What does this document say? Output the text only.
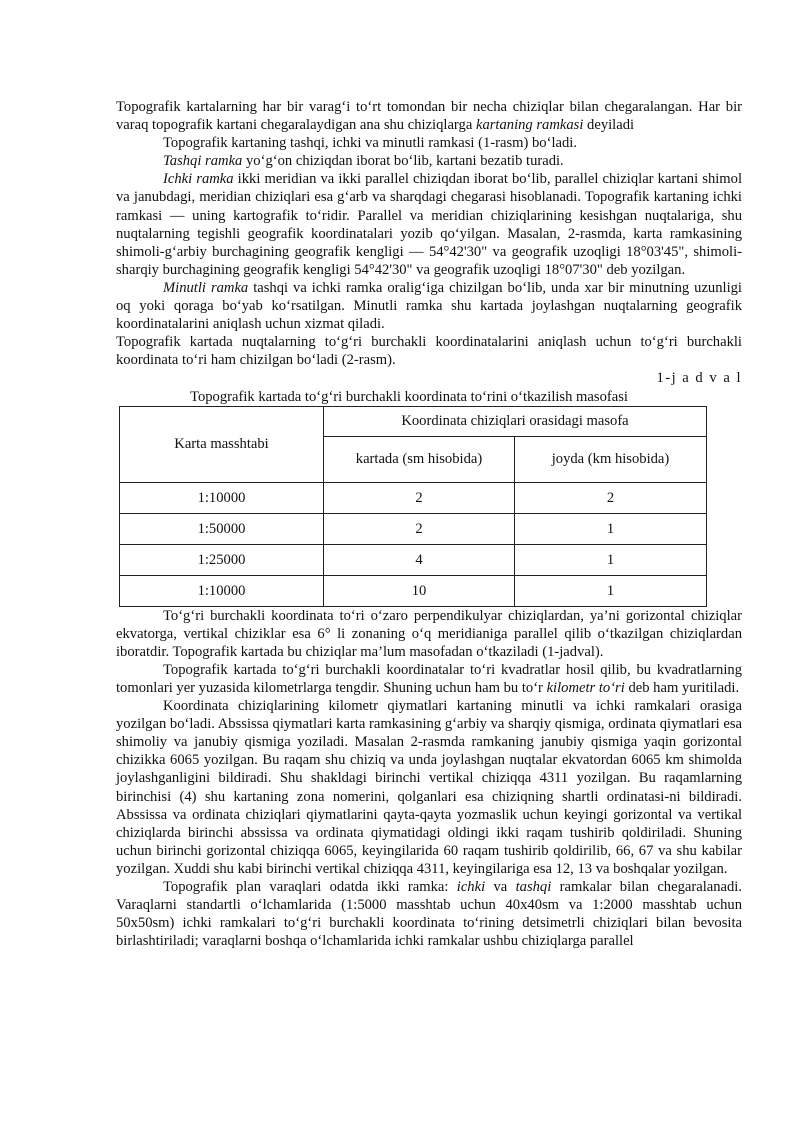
Topografik kartalarning har bir varag‘i to‘rt tomondan bir necha chiziqlar bilan chegaralangan. Har bir varaq topografik kartani chegaralaydigan ana shu chiziqlarga kartaning ramkasi deyiladi

Topografik kartaning tashqi, ichki va minutli ramkasi (1-rasm) bo‘ladi.

Tashqi ramka yo‘g‘on chiziqdan iborat bo‘lib, kartani bezatib turadi.

Ichki ramka ikki meridian va ikki parallel chiziqdan iborat bo‘lib, parallel chiziqlar kartani shimol va janubdagi, meridian chiziqlari esa g‘arb va sharqdagi chegarasi hisoblanadi. Topografik kartaning ichki ramkasi — uning kartografik to‘ridir. Parallel va meridian chiziqlarining kesishgan nuqtalariga, shu nuqtalarning tegishli geografik koordinatalari yozib qo‘yilgan. Masalan, 2-rasmda, karta ramkasining shimoli-g‘arbiy burchagining geografik kengligi — 54°42'30" va geografik uzoqligi 18°03'45", shimoli-sharqiy burchagining geografik kengligi 54°42'30" va geografik uzoqligi 18°07'30" deb yozilgan.

Minutli ramka tashqi va ichki ramka oralig‘iga chizilgan bo‘lib, unda xar bir minutning uzunligi oq yoki qoraga bo‘yab ko‘rsatilgan. Minutli ramka shu kartada joylashgan nuqtalarning geografik koordinatalarini aniqlash uchun xizmat qiladi.

Topografik kartada nuqtalarning to‘g‘ri burchakli koordinatalarini aniqlash uchun to‘g‘ri burchakli koordinata to‘ri ham chizilgan bo‘ladi (2-rasm).

1-j a d v a l

Topografik kartada to‘g‘ri burchakli koordinata to‘rini o‘tkazilish masofasi

Karta masshtabi	Koordinata chiziqlari orasidagi masofa	
	kartada (sm hisobida)	joyda (km hisobida)
1:10000	2	2
1:50000	2	1
1:25000	4	1
1:10000	10	1

To‘g‘ri burchakli koordinata to‘ri o‘zaro perpendikulyar chiziqlardan, ya’ni gorizontal chiziqlar ekvatorga, vertikal chiziklar esa 6° li zonaning o‘q meridianiga parallel qilib o‘tkazilgan chiziqlardan iboratdir. Topografik kartada bu chiziqlar ma’lum masofadan o‘tkaziladi (1-jadval).

Topografik kartada to‘g‘ri burchakli koordinatalar to‘ri kvadratlar hosil qilib, bu kvadratlarning tomonlari yer yuzasida kilometrlarga tengdir. Shuning uchun ham bu to‘r kilometr to‘ri deb ham yuritiladi.

Koordinata chiziqlarining kilometr qiymatlari kartaning minutli va ichki ramkalari orasiga yozilgan bo‘ladi. Abssissa qiymatlari karta ramkasining g‘arbiy va sharqiy qismiga, ordinata qiymatlari esa shimoliy va janubiy qismiga yoziladi. Masalan 2-rasmda ramkaning janubiy qismiga yaqin gorizontal chizikka 6065 yozilgan. Bu raqam shu chiziq va unda joylashgan nuqtalar ekvatordan 6065 km shimolda joylashganligini bildiradi. Shu shakldagi birinchi vertikal chiziqqa 4311 yozilgan. Bu raqamlarning birinchisi (4) shu kartaning zona nomerini, qolganlari esa chiziqning shartli ordinatasi-ni bildiradi. Abssissa va ordinata chiziqlari qiymatlarini qayta-qayta yozmaslik uchun keyingi gorizontal va vertikal chiziqlarda birinchi abssissa va ordinata qiymatidagi oldingi ikki raqam tushirib qoldiriladi. Shuning uchun birinchi gorizontal chiziqqa 6065, keyingilarida 60 raqam tushirib qoldirilib, 66, 67 va shu kabilar yozilgan. Xuddi shu kabi birinchi vertikal chiziqqa 4311, keyingilariga esa 12, 13 va boshqalar yozilgan.

Topografik plan varaqlari odatda ikki ramka: ichki va tashqi ramkalar bilan chegaralanadi. Varaqlarni standartli o‘lchamlarida (1:5000 masshtab uchun 40x40sm va 1:2000 masshtab uchun 50x50sm) ichki ramkalari to‘g‘ri burchakli koordinata to‘rining detsimetrli chiziqlari bilan bevosita birlashtiriladi; varaqlarni boshqa o‘lchamlarida ichki ramkalar ushbu chiziqlarga parallel
